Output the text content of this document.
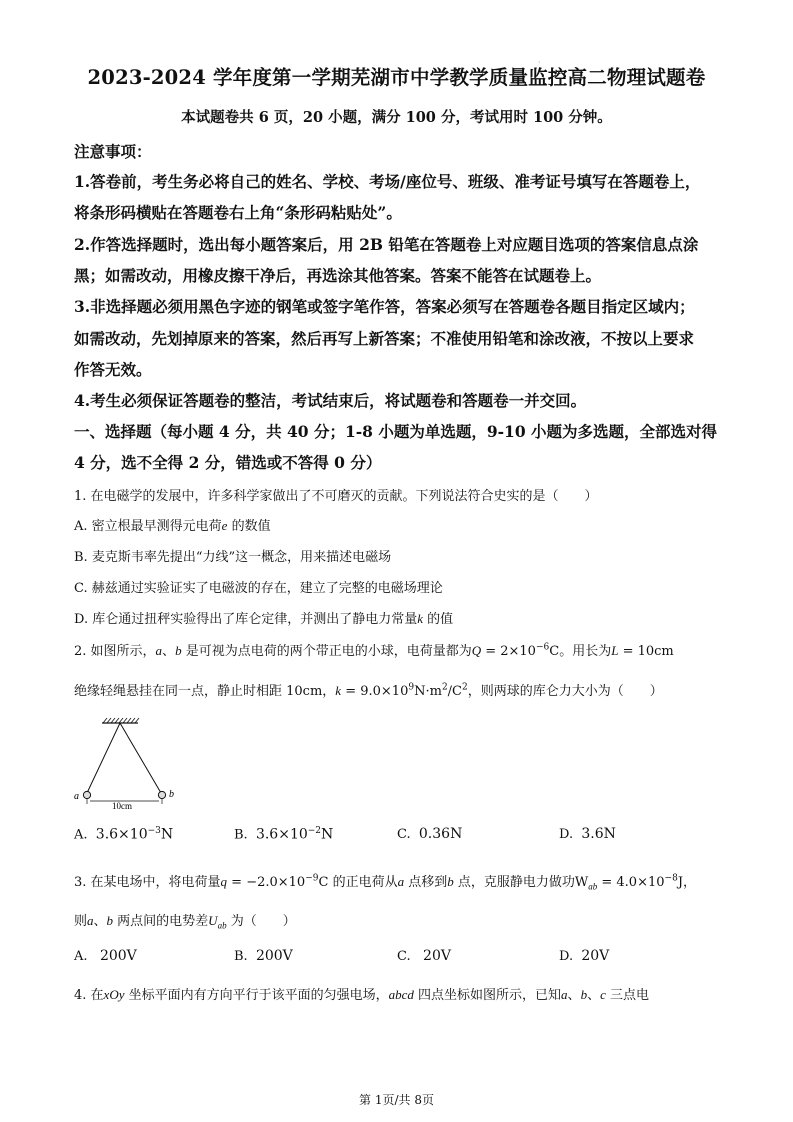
·
2023-2024 学年度第一学期芜湖市中学教学质量监控高二物理试题卷
本试题卷共 6 页，20 小题，满分 100 分，考试用时 100 分钟。
注意事项：
1.答卷前，考生务必将自己的姓名、学校、考场/座位号、班级、准考证号填写在答题卷上，
将条形码横贴在答题卷右上角“条形码粘贴处”。
2.作答选择题时，选出每小题答案后，用 2B 铅笔在答题卷上对应题目选项的答案信息点涂
黑；如需改动，用橡皮擦干净后，再选涂其他答案。答案不能答在试题卷上。
3.非选择题必须用黑色字迹的钢笔或签字笔作答，答案必须写在答题卷各题目指定区域内；
如需改动，先划掉原来的答案，然后再写上新答案；不准使用铅笔和涂改液，不按以上要求
作答无效。
4.考生必须保证答题卷的整洁，考试结束后，将试题卷和答题卷一并交回。
一、选择题（每小题 4 分，共 40 分；1-8 小题为单选题，9-10 小题为多选题，全部选对得
4 分，选不全得 2 分，错选或不答得 0 分）
1. 在电磁学的发展中，许多科学家做出了不可磨灭的贡献。下列说法符合史实的是（　　）
A. 密立根最早测得元电荷e 的数值
B. 麦克斯韦率先提出“力线”这一概念，用来描述电磁场
C. 赫兹通过实验证实了电磁波的存在，建立了完整的电磁场理论
D. 库仑通过扭秤实验得出了库仑定律，并测出了静电力常量k 的值
2. 如图所示，a、b 是可视为点电荷的两个带正电的小球，电荷量都为$Q = 2\times 10^{-6}C$。用长为L = 10cm
绝缘轻绳悬挂在同一点，静止时相距 10cm，$k = 9.0\times 10^9N\cdot m^2/C^2$，则两球的库仑力大小为（　　）
a	b
10cm
A. $3.6\times 10^{-3}N$	B. $3.6\times 10^{-2}N$	C. 0.36N	D. 3.6N
3. 在某电场中，将电荷量$q = -2.0\times 10^{-9}C$ 的正电荷从a 点移到b 点，克服静电力做功$W_{ab} = 4.0\times 10^{-8}J$，
则a、b 两点间的电势差$U_{ab}$ 为（　　）
A. 200V	B. 200V	C. 20V	D. 20V
4. 在xOy 坐标平面内有方向平行于该平面的匀强电场，abcd 四点坐标如图所示，已知a、b、c 三点电
第 1页/共 8页
